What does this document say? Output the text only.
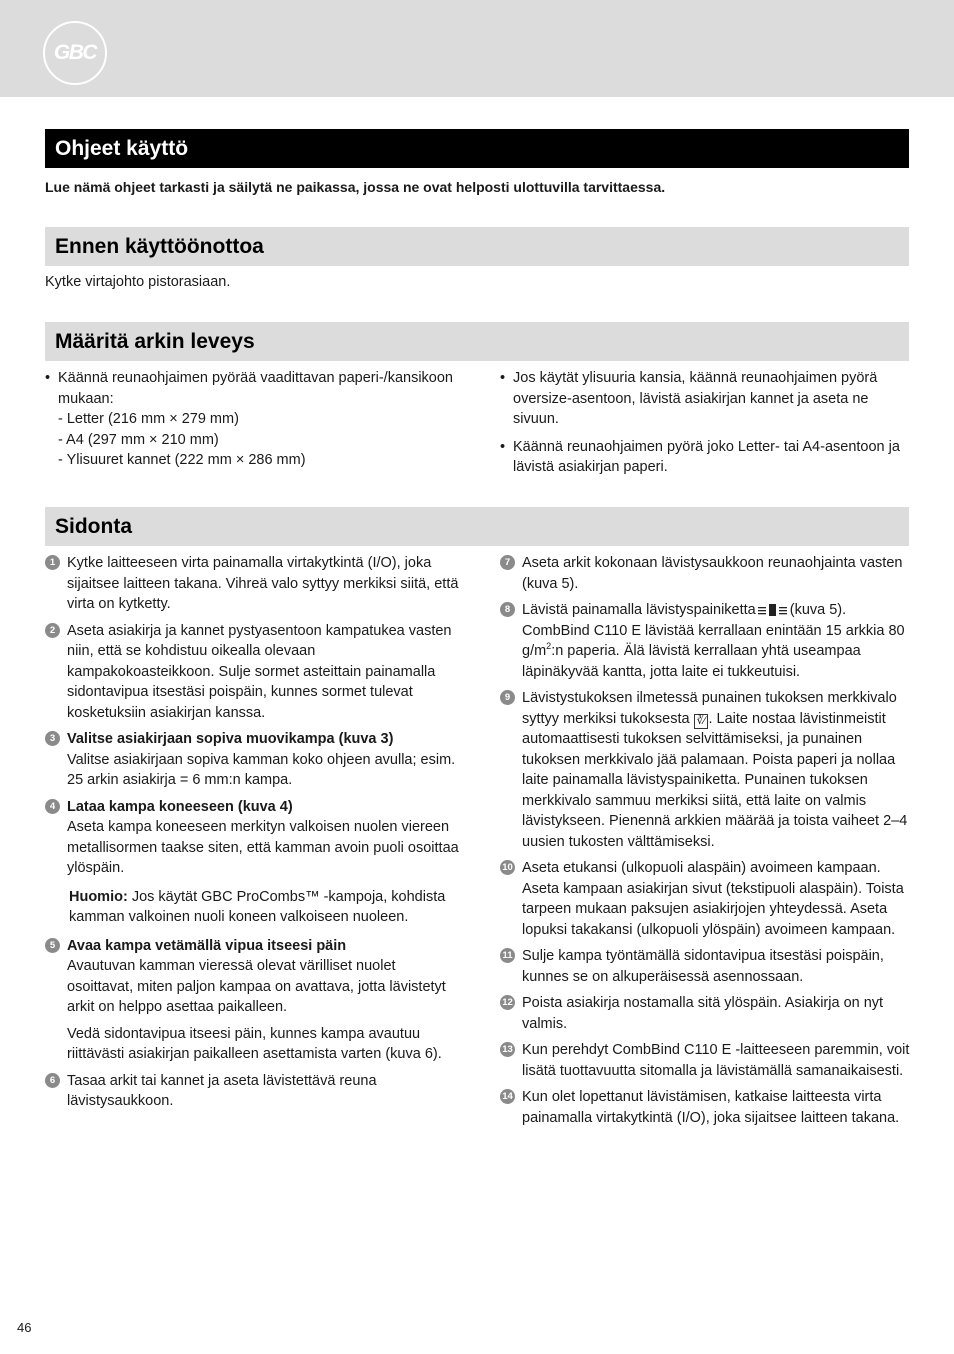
GBC
Ohjeet käyttö
Lue nämä ohjeet tarkasti ja säilytä ne paikassa, jossa ne ovat helposti ulottuvilla tarvittaessa.
Ennen käyttöönottoa
Kytke virtajohto pistorasiaan.
Määritä arkin leveys
• Käännä reunaohjaimen pyörää vaadittavan paperi-/kansikoon mukaan:
- Letter (216 mm × 279 mm)
- A4 (297 mm × 210 mm)
- Ylisuuret kannet (222 mm × 286 mm)
• Jos käytät ylisuuria kansia, käännä reunaohjaimen pyörä oversize-asentoon, lävistä asiakirjan kannet ja aseta ne sivuun.
• Käännä reunaohjaimen pyörä joko Letter- tai A4-asentoon ja lävistä asiakirjan paperi.
Sidonta
1 Kytke laitteeseen virta painamalla virtakytkintä (I/O), joka sijaitsee laitteen takana. Vihreä valo syttyy merkiksi siitä, että virta on kytketty.
2 Aseta asiakirja ja kannet pystyasentoon kampatukea vasten niin, että se kohdistuu oikealla olevaan kampakokoasteikkoon. Sulje sormet asteittain painamalla sidontavipua itsestäsi poispäin, kunnes sormet tulevat kosketuksiin asiakirjan kanssa.
3 Valitse asiakirjaan sopiva muovikampa (kuva 3)
Valitse asiakirjaan sopiva kamman koko ohjeen avulla; esim. 25 arkin asiakirja = 6 mm:n kampa.
4 Lataa kampa koneeseen (kuva 4)
Aseta kampa koneeseen merkityn valkoisen nuolen viereen metallisormen taakse siten, että kamman avoin puoli osoittaa ylöspäin.
Huomio: Jos käytät GBC ProCombs™ -kampoja, kohdista kamman valkoinen nuoli koneen valkoiseen nuoleen.
5 Avaa kampa vetämällä vipua itseesi päin
Avautuvan kamman vieressä olevat värilliset nuolet osoittavat, miten paljon kampaa on avattava, jotta lävistetyt arkit on helppo asettaa paikalleen.
Vedä sidontavipua itseesi päin, kunnes kampa avautuu riittävästi asiakirjan paikalleen asettamista varten (kuva 6).
6 Tasaa arkit tai kannet ja aseta lävistettävä reuna lävistysaukkoon.
7 Aseta arkit kokonaan lävistysaukkoon reunaohjainta vasten (kuva 5).
8 Lävistä painamalla lävistyspainiketta (kuva 5). CombBind C110 E lävistää kerrallaan enintään 15 arkkia 80 $g/m^2:n$ paperia. Älä lävistä kerrallaan yhtä useampaa läpinäkyvää kantta, jotta laite ei tukkeutuisi.
9 Lävistystukoksen ilmetessä punainen tukoksen merkkivalo syttyy merkiksi tukoksesta ∛∕ . Laite nostaa lävistinmeistit automaattisesti tukoksen selvittämiseksi, ja punainen tukoksen merkkivalo jää palamaan. Poista paperi ja nollaa laite painamalla lävistyspainiketta. Punainen tukoksen merkkivalo sammuu merkiksi siitä, että laite on valmis lävistykseen. Pienennä arkkien määrää ja toista vaiheet 2–4 uusien tukosten välttämiseksi.
10 Aseta etukansi (ulkopuoli alaspäin) avoimeen kampaan. Aseta kampaan asiakirjan sivut (tekstipuoli alaspäin). Toista tarpeen mukaan paksujen asiakirjojen yhteydessä. Aseta lopuksi takakansi (ulkopuoli ylöspäin) avoimeen kampaan.
11 Sulje kampa työntämällä sidontavipua itsestäsi poispäin, kunnes se on alkuperäisessä asennossaan.
12 Poista asiakirja nostamalla sitä ylöspäin. Asiakirja on nyt valmis.
13 Kun perehdyt CombBind C110 E -laitteeseen paremmin, voit lisätä tuottavuutta sitomalla ja lävistämällä samanaikaisesti.
14 Kun olet lopettanut lävistämisen, katkaise laitteesta virta painamalla virtakytkintä (I/O), joka sijaitsee laitteen takana.
46
